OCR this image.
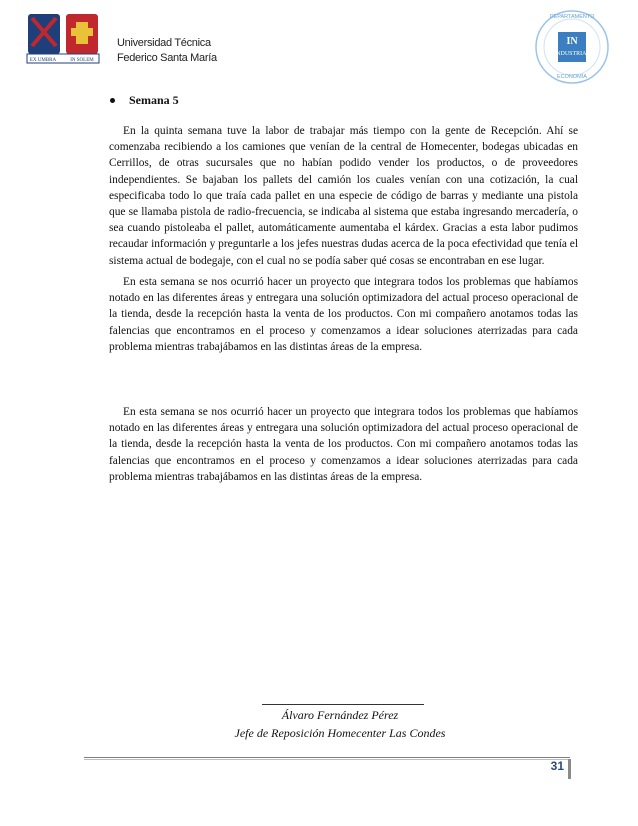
EX UMBRA	IN SOLEM
Universidad Técnica
Federico Santa María
IN
INDUSTRIAS
DEPARTAMENTO
ECONOMÍA
Semana 5

En la quinta semana tuve la labor de trabajar más tiempo con la gente de Recepción. Ahí se comenzaba recibiendo a los camiones que venían de la central de Homecenter, bodegas ubicadas en Cerrillos, de otras sucursales que no habían podido vender los productos, o de proveedores independientes. Se bajaban los pallets del camión los cuales venían con una cotización, la cual especificaba todo lo que traía cada pallet en una especie de código de barras y mediante una pistola que se llamaba pistola de radio-frecuencia, se indicaba al sistema que estaba ingresando mercadería, o sea cuando pistoleaba el pallet, automáticamente aumentaba el kárdex. Gracias a esta labor pudimos recaudar información y preguntarle a los jefes nuestras dudas acerca de la poca efectividad que tenía el sistema actual de bodegaje, con el cual no se podía saber qué cosas se encontraban en ese lugar.

En esta semana se nos ocurrió hacer un proyecto que integrara todos los problemas que habíamos notado en las diferentes áreas y entregara una solución optimizadora del actual proceso operacional de la tienda, desde la recepción hasta la venta de los productos. Con mi compañero anotamos todas las falencias que encontramos en el proceso y comenzamos a idear soluciones aterrizadas para cada problema mientras trabajábamos en las distintas áreas de la empresa.

En esta semana se nos ocurrió hacer un proyecto que integrara todos los problemas que habíamos notado en las diferentes áreas y entregara una solución optimizadora del actual proceso operacional de la tienda, desde la recepción hasta la venta de los productos. Con mi compañero anotamos todas las falencias que encontramos en el proceso y comenzamos a idear soluciones aterrizadas para cada problema mientras trabajábamos en las distintas áreas de la empresa.

Álvaro Fernández Pérez
Jefe de Reposición Homecenter Las Condes
31
